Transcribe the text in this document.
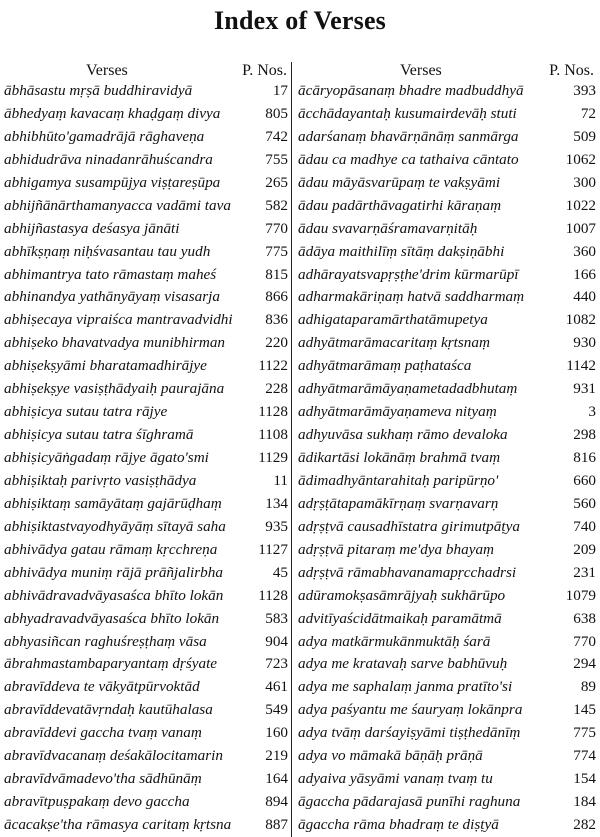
Index of Verses
Verses	P. Nos.
ābhāsastu mṛṣā buddhiravidyā	17
ābhedyaṃ kavacaṃ khaḍgaṃ divya	805
abhibhūto'gamadrājā rāghaveṇa	742
abhidudrāva ninadanrāhuścandra	755
abhigamya susampūjya viṣṭareṣūpa	265
abhijñānārthamanyacca vadāmi tava 582
abhijñastasya deśasya jānāti	770
abhīkṣṇaṃ niḥśvasantau tau yudh	775
abhimantrya tato rāmastaṃ maheś	815
abhinandya yathānyāyaṃ visasarja	866
abhiṣecaya vipraiśca mantravadvidhi 836
abhiṣeko bhavatvadya munibhirman	220
abhiṣekṣyāmi bharatamadhirājye	1122
abhiṣekṣye vasiṣṭhādyaiḥ paurajāna	228
abhiṣicya sutau tatra rājye	1128
abhiṣicya sutau tatra śīghramā	1108
abhiṣicyāṅgadaṃ rājye āgato'smi	1129
abhiṣiktaḥ parivṛto vasiṣṭhādya	11
abhiṣiktaṃ samāyātaṃ gajārūḍhaṃ	134
abhiṣiktastvayodhyāyāṃ sītayā saha	935
abhivādya gatau rāmaṃ kṛcchreṇa	1127
abhivādya muniṃ rājā prāñjalirbha	45
abhivādravadvāyasaśca bhīto lokān 1128
abhyadravadvāyasaśca bhīto lokān	583
abhyasiñcan raghuśreṣṭhaṃ vāsa	904
ābrahmastambaparyantaṃ dṛśyate	723
abravīddeva te vākyātpūrvoktād	461
abravīddevatāvṛndaḥ kautūhalasa	549
abravīddevi gaccha tvaṃ vanaṃ	160
abravīdvacanaṃ deśakālocitamarin	219
abravīdvāmadevo'tha sādhūnāṃ	164
abravītpuṣpakaṃ devo gaccha	894
ācacakṣe'tha rāmasya caritaṃ kṛtsna 887
Verses	P. Nos.
ācāryopāsanaṃ bhadre madbuddhyā	393
ācchādayantaḥ kusumairdevāḥ stuti	72
adarśanaṃ bhavārṇānāṃ sanmārga	509
ādau ca madhye ca tathaiva cāntato	1062
ādau māyāsvarūpaṃ te vakṣyāmi	300
ādau padārthāvagatirhi kāraṇaṃ	1022
ādau svavarṇāśramavarṇitāḥ	1007
ādāya maithilīṃ sītāṃ dakṣiṇābhi	360
adhārayatsvapṛṣṭhe'drim kūrmarūpī	166
adharmakāriṇaṃ hatvā saddharmaṃ	440
adhigataparamārthatāmupetya	1082
adhyātmarāmacaritaṃ kṛtsnaṃ	930
adhyātmarāmaṃ paṭhataśca	1142
adhyātmarāmāyaṇametadadbhutaṃ	931
adhyātmarāmāyaṇameva nityaṃ	3
adhyuvāsa sukhaṃ rāmo devaloka	298
ādikartāsi lokānāṃ brahmā tvaṃ	816
ādimadhyāntarahitaḥ paripūrṇo'	660
adṛṣṭātapamākīrṇaṃ svarṇavarṇ	560
adṛṣṭvā causadhīstatra girimutpāṭya	740
adṛṣṭvā pitaraṃ me'dya bhayaṃ	209
adṛṣṭvā rāmabhavanamapṛcchadrsi	231
adūramokṣasāmrājyaḥ sukhārūpo	1079
advitīyaścidātmaikaḥ paramātmā	638
adya matkārmukānmuktāḥ śarā	770
adya me kratavaḥ sarve babhūvuḥ	294
adya me saphalaṃ janma pratīto'si	89
adya paśyantu me śauryaṃ lokānpra	145
adya tvāṃ darśayiṣyāmi tiṣṭhedānīṃ	775
adya vo māmakā bāṇāḥ prāṇā	774
adyaiva yāsyāmi vanaṃ tvaṃ tu	154
āgaccha pādarajasā punīhi raghuna	184
āgaccha rāma bhadraṃ te diṣṭyā	282
